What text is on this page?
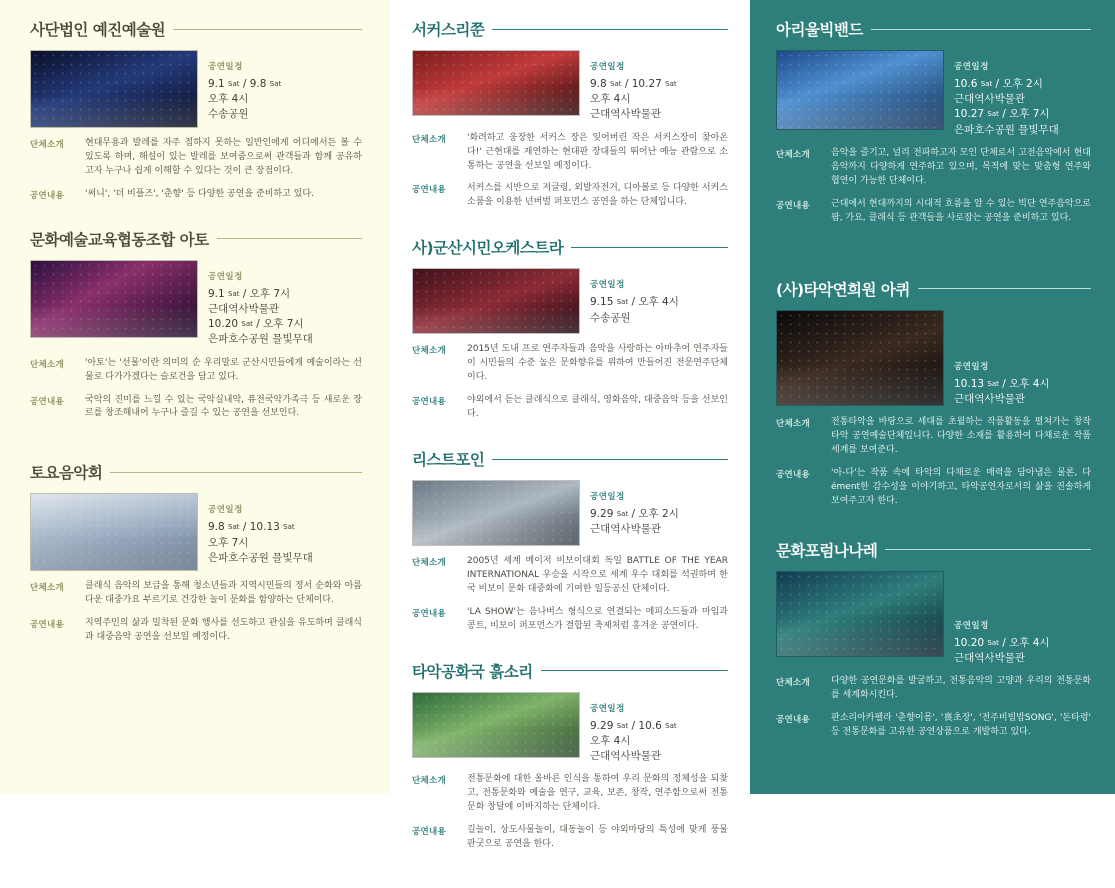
사단법인 예진예술원
공연일정
9.1 Sat / 9.8 Sat
오후 4시
수송공원
단체소개	현대무용과 발레를 자주 접하지 못하는 일반인에게 어디에서든 볼 수 있도록 하며, 해설이 있는 발레를 보여줌으로써 관객들과 함께 공유하고자 누구나 쉽게 이해할 수 있다는 것이 큰 장점이다.
공연내용	'써니', '더 비플즈', '춘향' 등 다양한 공연을 준비하고 있다.
문화예술교육협동조합 아토
공연일정
9.1 Sat / 오후 7시
근대역사박물관
10.20 Sat / 오후 7시
은파호수공원 믈빛무대
단체소개	'아토'는 '선물'이란 의미의 순 우리말로 군산시민들에게 예술이라는 선물로 다가가겠다는 슬로건을 담고 있다.
공연내용	국악의 진미를 느낄 수 있는 국악실내악, 퓨전국악가족극 등 새로운 장르를 창조해내어 누구나 즐길 수 있는 공연을 선보인다.
토요음악회
공연일정
9.8 Sat / 10.13 Sat
오후 7시
은파호수공원 믈빛무대
단체소개	클래식 음악의 보급을 통해 청소년들과 지역시민들의 정서 순화와 아름다운 대중가요 부르기로 건강한 놀이 문화를 함양하는 단체이다.
공연내용	지역주민의 삶과 밀착된 문화 행사를 선도하고 관심을 유도하며 클래식과 대중음악 공연을 선보일 예정이다.
서커스리쭌
공연일정
9.8 Sat / 10.27 Sat
오후 4시
근대역사박물관
단체소개	'화려하고 웅장한 서커스 장은 잊어버린 작은 서커스장이 찾아온다!' 근현대를 재연하는 현대판 장대들의 뛰어난 예능 관람으로 소통하는 공연을 선보일 예정이다.
공연내용	서커스를 시반으로 저글링, 외발자전거, 디아볼로 등 다양한 서커스 소품을 이용한 넌버벌 퍼포먼스 공연을 하는 단체입니다.
사)군산시민오케스트라
공연일정
9.15 Sat / 오후 4시
수송공원
단체소개	2015년 도내 프로 연주자들과 음악을 사랑하는 아마추어 연주자들이 시민들의 수준 높은 문화향유를 위하여 만들어진 전문연주단체이다.
공연내용	야외에서 듣는 클래식으로 클래식, 영화음악, 대중음악 등을 선보인다.
리스트포인
공연일정
9.29 Sat / 오후 2시
근대역사박물관
단체소개	2005년 세계 메이저 비보이대회 독일 BATTLE OF THE YEAR INTERNATIONAL 우승을 시작으로 세계 우수 대회를 석권하며 한국 비보이 문화 대중화에 기여한 일등공신 단체이다.
공연내용	'LA SHOW'는 음나버스 형식으로 연결되는 에피소드들과 마임과 콩트, 비보이 퍼포먼스가 결합된 축제처럼 흥겨운 공연이다.
타악공화국 흙소리
공연일정
9.29 Sat / 10.6 Sat
오후 4시
근대역사박물관
단체소개	전통문화에 대한 올바른 인식을 통하여 우리 문화의 정체성을 되찾고, 전통문화와 예술을 연구, 교육, 보존, 창작, 연주함으로써 전통문화 창달에 이바지하는 단체이다.
공연내용	길놀이, 상도사물놀이, 대동놀이 등 야외마당의 특성에 맞게 풍물 판굿으로 공연을 한다.
아리울빅밴드
공연일정
10.6 Sat / 오후 2시
근대역사박물관
10.27 Sat / 오후 7시
은파호수공원 믈빛무대
단체소개	음악을 즐기고, 널리 전파하고자 모인 단체로서 고전음악에서 현대음악까지 다양하게 연주하고 있으며, 목적에 맞는 맞춤형 연주와 협연이 가능한 단체이다.
공연내용	근대에서 현대까지의 시대적 흐름을 알 수 있는 빅단 연주음악으로 팝, 가요, 클래식 등 관객들을 사로잡는 공연을 준비하고 있다.
(사)타악연희원 아퀴
공연일정
10.13 Sat / 오후 4시
근대역사박물관
단체소개	전통타악을 바탕으로 세대를 초월하는 작품활동을 펼쳐가는 창작타악 공연예술단체입니다. 다양한 소재를 활용하여 다채로운 작품세계를 보여준다.
공연내용	'아-다'는 작품 속에 타악의 다채로운 매력을 담아냄은 물론, 다ément한 감수성을 이야기하고, 타악공연자로서의 삶을 진솔하게 보여주고자 한다.
문화포럼나나레
공연일정
10.20 Sat / 오후 4시
근대역사박물관
단체소개	다양한 공연문화를 발굴하고, 전통음악의 고양과 우리의 전통문화를 세계화시킨다.
공연내용	판소리아카펠라 '춘향이몸', '喪초장', '전주비빔밥SONG', '돈타령' 등 전통문화를 고유한 공연상품으로 개발하고 있다.
